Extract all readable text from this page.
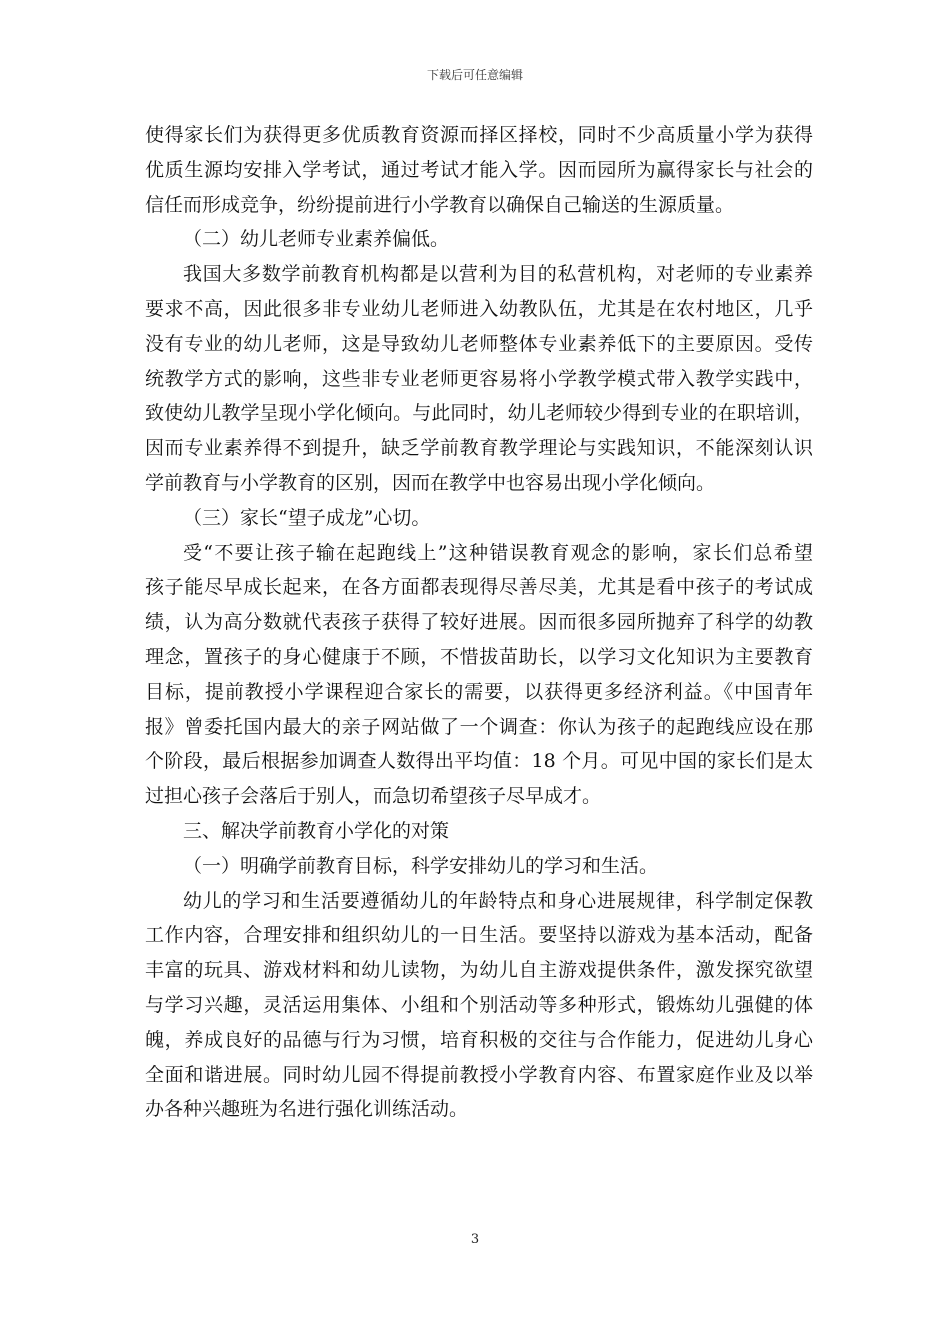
下载后可任意编辑

使得家长们为获得更多优质教育资源而择区择校，同时不少高质量小学为获得

优质生源均安排入学考试，通过考试才能入学。因而园所为赢得家长与社会的

信任而形成竞争，纷纷提前进行小学教育以确保自己输送的生源质量。

（二）幼儿老师专业素养偏低。

我国大多数学前教育机构都是以营利为目的私营机构，对老师的专业素养

要求不高，因此很多非专业幼儿老师进入幼教队伍，尤其是在农村地区，几乎

没有专业的幼儿老师，这是导致幼儿老师整体专业素养低下的主要原因。受传

统教学方式的影响，这些非专业老师更容易将小学教学模式带入教学实践中，

致使幼儿教学呈现小学化倾向。与此同时，幼儿老师较少得到专业的在职培训，

因而专业素养得不到提升，缺乏学前教育教学理论与实践知识，不能深刻认识

学前教育与小学教育的区别，因而在教学中也容易出现小学化倾向。

（三）家长“望子成龙”心切。

受“不要让孩子输在起跑线上”这种错误教育观念的影响，家长们总希望

孩子能尽早成长起来，在各方面都表现得尽善尽美，尤其是看中孩子的考试成

绩，认为高分数就代表孩子获得了较好进展。因而很多园所抛弃了科学的幼教

理念，置孩子的身心健康于不顾，不惜拔苗助长，以学习文化知识为主要教育

目标，提前教授小学课程迎合家长的需要，以获得更多经济利益。《中国青年

报》曾委托国内最大的亲子网站做了一个调查：你认为孩子的起跑线应设在那

个阶段，最后根据参加调查人数得出平均值：18 个月。可见中国的家长们是太

过担心孩子会落后于别人，而急切希望孩子尽早成才。

三、解决学前教育小学化的对策

（一）明确学前教育目标，科学安排幼儿的学习和生活。

幼儿的学习和生活要遵循幼儿的年龄特点和身心进展规律，科学制定保教

工作内容，合理安排和组织幼儿的一日生活。要坚持以游戏为基本活动，配备

丰富的玩具、游戏材料和幼儿读物，为幼儿自主游戏提供条件，激发探究欲望

与学习兴趣，灵活运用集体、小组和个别活动等多种形式，锻炼幼儿强健的体

魄，养成良好的品德与行为习惯，培育积极的交往与合作能力，促进幼儿身心

全面和谐进展。同时幼儿园不得提前教授小学教育内容、布置家庭作业及以举

办各种兴趣班为名进行强化训练活动。

3
